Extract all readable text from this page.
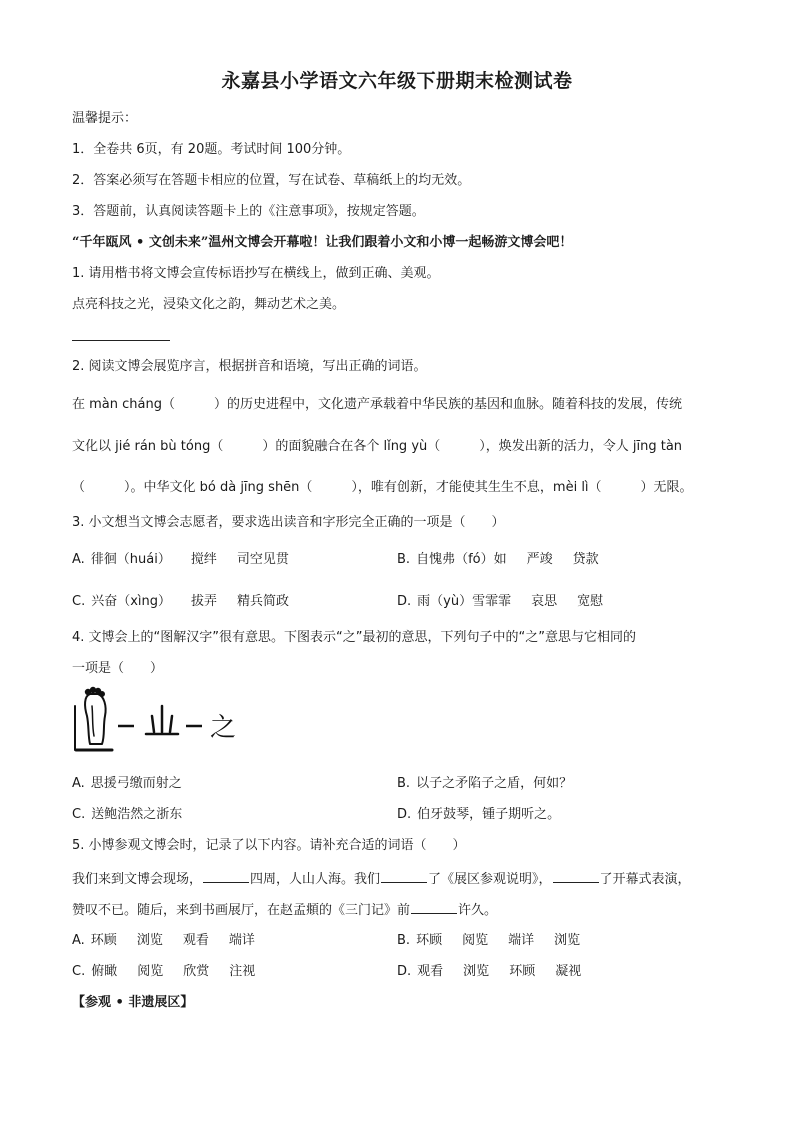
永嘉县小学语文六年级下册期末检测试卷
温馨提示：
1．全卷共 6页，有 20题。考试时间 100分钟。
2．答案必须写在答题卡相应的位置，写在试卷、草稿纸上的均无效。
3．答题前，认真阅读答题卡上的《注意事项》，按规定答题。
“千年瓯风 • 文创未来”温州文博会开幕啦！让我们跟着小文和小博一起畅游文博会吧！
1. 请用楷书将文博会宣传标语抄写在横线上，做到正确、美观。
点亮科技之光，浸染文化之韵，舞动艺术之美。
2. 阅读文博会展览序言，根据拼音和语境，写出正确的词语。
在 màn cháng（　　　）的历史进程中，文化遗产承载着中华民族的基因和血脉。随着科技的发展，传统
文化以 jié rán bù tóng（　　　）的面貌融合在各个 lǐng yù（　　　），焕发出新的活力，令人 jīng tàn
（　　　）。中华文化 bó dà jīng shēn（　　　），唯有创新，才能使其生生不息，mèi lì（　　　）无限。
3. 小文想当文博会志愿者，要求选出读音和字形完全正确的一项是（　　）
A. 徘徊（huái） 搅绊 司空见贯	B. 自愧弗（fó）如 严竣 贷款
C. 兴奋（xìng） 拔弄 精兵简政	D. 雨（yù）雪霏霏 哀思 宽慰
4. 文博会上的“图解汉字”很有意思。下图表示“之”最初的意思，下列句子中的“之”意思与它相同的
一项是（　　）
之
A. 思援弓缴而射之	B. 以子之矛陷子之盾，何如？
C. 送鲍浩然之浙东	D. 伯牙鼓琴，锺子期听之。
5. 小博参观文博会时，记录了以下内容。请补充合适的词语（　　）
我们来到文博会现场，	四周，人山人海。我们	了《展区参观说明》，	了开幕式表演，
赞叹不已。随后，来到书画展厅，在赵孟頫的《三门记》前	许久。
A. 环顾 浏览 观看 端详	B. 环顾 阅览 端详 浏览
C. 俯瞰 阅览 欣赏 注视	D. 观看 浏览 环顾 凝视
【参观 • 非遗展区】
